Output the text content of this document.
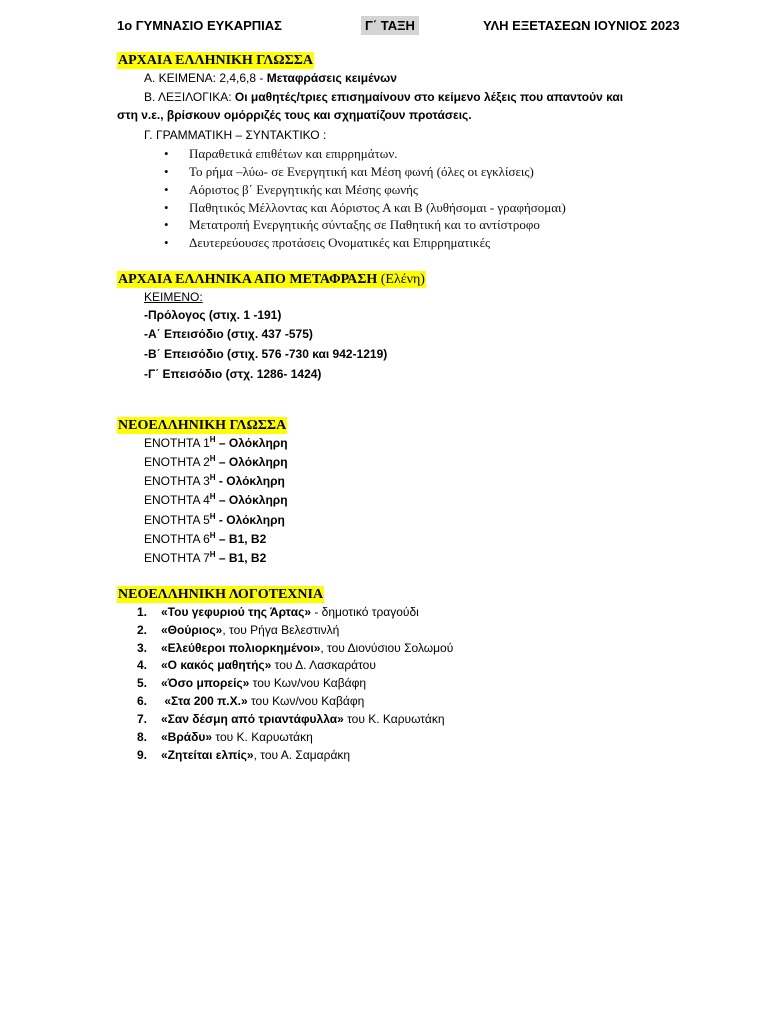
1ο ΓΥΜΝΑΣΙΟ ΕΥΚΑΡΠΙΑΣ	Γ΄ ΤΑΞΗ	ΥΛΗ ΕΞΕΤΑΣΕΩΝ ΙΟΥΝΙΟΣ 2023
ΑΡΧΑΙΑ ΕΛΛΗΝΙΚΗ ΓΛΩΣΣΑ
Α. ΚΕΙΜΕΝΑ: 2,4,6,8 - Μεταφράσεις κειμένων
Β. ΛΕΞΙΛΟΓΙΚΑ: Οι μαθητές/τριες επισημαίνουν στο κείμενο λέξεις που απαντούν και
στη ν.ε., βρίσκουν ομόρριζές τους και σχηματίζουν προτάσεις.
Γ. ΓΡΑΜΜΑΤΙΚΗ – ΣΥΝΤΑΚΤΙΚΟ :
• Παραθετικά επιθέτων και επιρρημάτων.
• Το ρήμα –λύω- σε Ενεργητική και Μέση φωνή (όλες οι εγκλίσεις)
• Αόριστος β΄ Ενεργητικής και Μέσης φωνής
• Παθητικός Μέλλοντας και Αόριστος Α και Β (λυθήσομαι - γραφήσομαι)
• Μετατροπή Ενεργητικής σύνταξης σε Παθητική και το αντίστροφο
• Δευτερεύουσες προτάσεις Ονοματικές και Επιρρηματικές
ΑΡΧΑΙΑ ΕΛΛΗΝΙΚΑ ΑΠΟ ΜΕΤΑΦΡΑΣΗ (Ελένη)
ΚΕΙΜΕΝΟ:
-Πρόλογος (στιχ. 1 -191)
-Α΄ Επεισόδιο (στιχ. 437 -575)
-Β΄ Επεισόδιο (στιχ. 576 -730 και 942-1219)
-Γ΄ Επεισόδιο (στχ. 1286- 1424)
ΝΕΟΕΛΛΗΝΙΚΗ ΓΛΩΣΣΑ
ΕΝΟΤΗΤΑ $1^H$ – Ολόκληρη
ΕΝΟΤΗΤΑ $2^H$ – Ολόκληρη
ΕΝΟΤΗΤΑ $3^H$ - Ολόκληρη
ΕΝΟΤΗΤΑ $4^H$ – Ολόκληρη
ΕΝΟΤΗΤΑ $5^H$ - Ολόκληρη
ΕΝΟΤΗΤΑ $6^H - B1$, Β2
ΕΝΟΤΗΤΑ $7^H - B1$, Β2
ΝΕΟΕΛΛΗΝΙΚΗ ΛΟΓΟΤΕΧΝΙΑ
1. «Του γεφυριού της Άρτας» - δημοτικό τραγούδι
2. «Θούριος», του Ρήγα Βελεστινλή
3. «Ελεύθεροι πολιορκημένοι», του Διονύσιου Σολωμού
4. «Ο κακός μαθητής» του Δ. Λασκαράτου
5. «Όσο μπορείς» του Κων/νου Καβάφη
6. «Στα 200 π.Χ.» του Κων/νου Καβάφη
7. «Σαν δέσμη από τριαντάφυλλα» του Κ. Καρυωτάκη
8. «Βράδυ» του Κ. Καρυωτάκη
9. «Ζητείται ελπίς», του Α. Σαμαράκη
